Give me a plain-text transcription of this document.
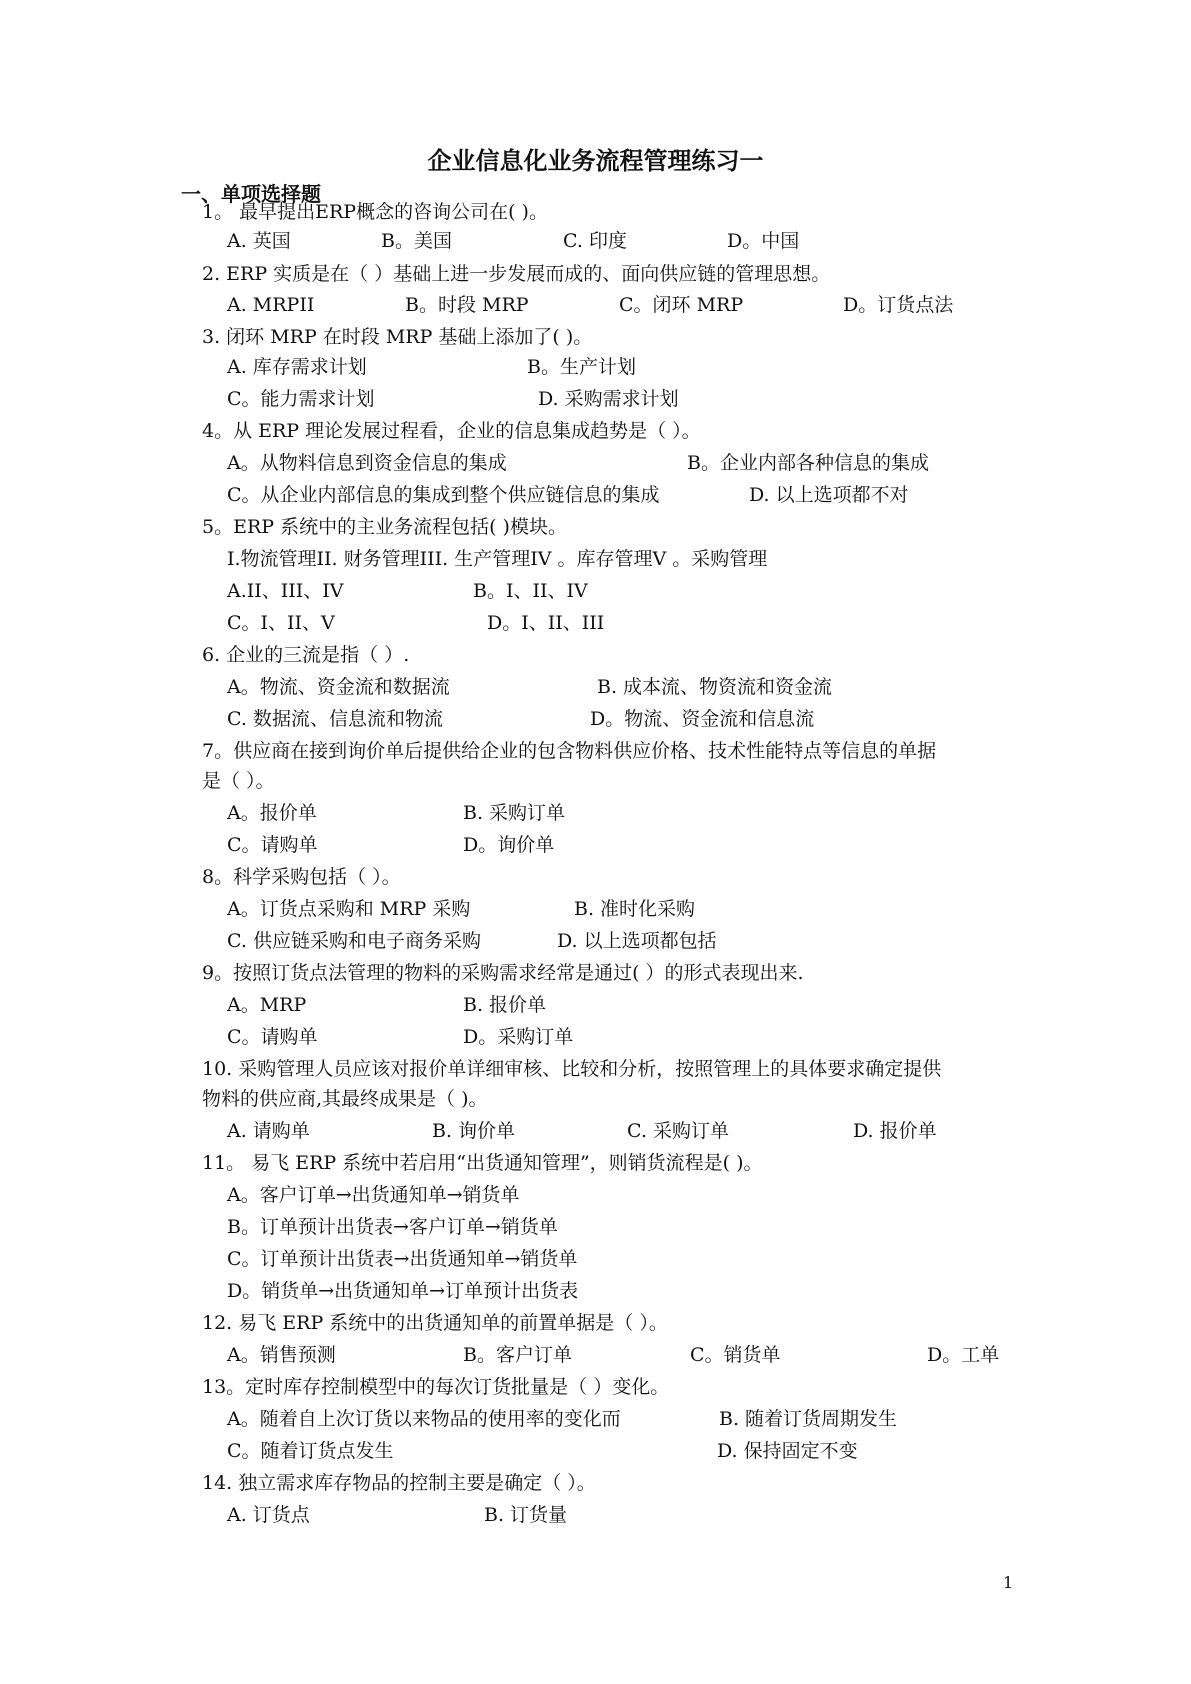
企业信息化业务流程管理练习一
一、单项选择题
1。 最早提出ERP概念的咨询公司在( )。
A. 英国	B。美国	C. 印度	D。中国
2. ERP 实质是在（ ）基础上进一步发展而成的、面向供应链的管理思想。
A. MRPII	B。时段 MRP	C。闭环 MRP	D。订货点法
3. 闭环 MRP 在时段 MRP 基础上添加了( )。
A. 库存需求计划	B。生产计划
C。能力需求计划	D. 采购需求计划
4。从 ERP 理论发展过程看，企业的信息集成趋势是（ ）。
A。从物料信息到资金信息的集成	B。企业内部各种信息的集成
C。从企业内部信息的集成到整个供应链信息的集成	D. 以上选项都不对
5。ERP 系统中的主业务流程包括( )模块。
I.物流管理II. 财务管理III. 生产管理IV 。库存管理V 。采购管理
A.II、III、IV	B。I、II、IV
C。I、II、V	D。I、II、III
6. 企业的三流是指（ ）.
A。物流、资金流和数据流	B. 成本流、物资流和资金流
C. 数据流、信息流和物流	D。物流、资金流和信息流
7。供应商在接到询价单后提供给企业的包含物料供应价格、技术性能特点等信息的单据
是（ ）。
A。报价单	B. 采购订单
C。请购单	D。询价单
8。科学采购包括（ ）。
A。订货点采购和 MRP 采购	B. 准时化采购
C. 供应链采购和电子商务采购	D. 以上选项都包括
9。按照订货点法管理的物料的采购需求经常是通过( ）的形式表现出来.
A。MRP	B. 报价单
C。请购单	D。采购订单
10. 采购管理人员应该对报价单详细审核、比较和分析，按照管理上的具体要求确定提供
物料的供应商,其最终成果是（ )。
A. 请购单	B. 询价单	C. 采购订单	D. 报价单
11。 易飞 ERP 系统中若启用“出货通知管理”，则销货流程是( )。
A。客户订单→出货通知单→销货单
B。订单预计出货表→客户订单→销货单
C。订单预计出货表→出货通知单→销货单
D。销货单→出货通知单→订单预计出货表
12. 易飞 ERP 系统中的出货通知单的前置单据是（ ）。
A。销售预测	B。客户订单	C。销货单	D。工单
13。定时库存控制模型中的每次订货批量是（ ）变化。
A。随着自上次订货以来物品的使用率的变化而	B. 随着订货周期发生
C。随着订货点发生	D. 保持固定不变
14. 独立需求库存物品的控制主要是确定（ ）。
A. 订货点	B. 订货量
1
